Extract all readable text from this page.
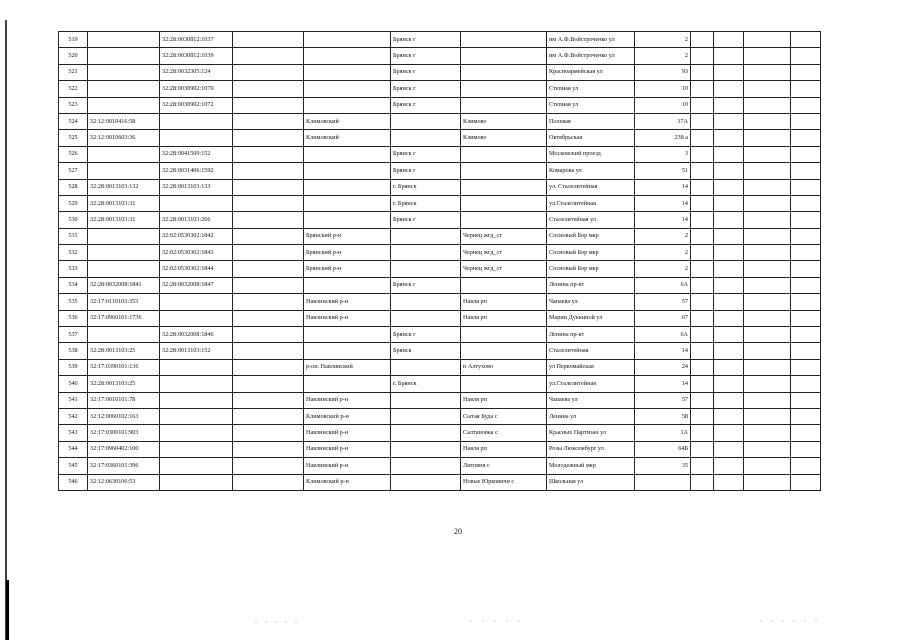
519		32:28:0030812:1037			Брянск г		им А.Ф.Войстроченко ул	2				
520		32:28:0030812:1039			Брянск г		им А.Ф.Войстроченко ул	2				
521		32:28:0032305:124			Брянск г		Красноармейская ул	93				
522		32:28:0030902:1070			Брянск г		Степная ул	10				
523		32:28:0030902:1072			Брянск г		Степная ул	10				
524	32:12:0010416:58			Климовский		Климово	Полевая	37А				
525	32:12:0010603:36			Климовский		Климово	Октябрьская	238 а				
526		32:28:0041509:152			Брянск г		Московский проезд	3				
527		32:28:0031406:1592			Брянск г		Комарова ул	51				
528	32:28:0013103:132	32:28:0013103:133			г. Брянск		ул. Сталелитейная	14				
529	32:28:0013103:31				г. Брянск		ул.Сталелитейная	14				
530	32:28:0013103:31	32:28:0013103:266			Брянск г		Сталелитейная ул	14				
531		32:02:0530302:1842		Брянский р-н		Чернец жгд_ст	Сосновый Бор мкр	2				
532		32:02:0530302:1843		Брянский р-н		Чернец жгд_ст	Сосновый Бор мкр	2				
533		32:02:0530302:1844		Брянский р-н		Чернец жгд_ст	Сосновый Бор мкр	2				
534	32:28:0032008:1841	32:28:0032008:1847			Брянск г		Ленина пр-кт	6А				
535	32:17:0110103:353			Навлинский р-н		Навля рп	Чапаева ул	57				
536	32:17:0960101:1736			Навлинский р-н		Навля рп	Марии Дуккиной ул	67				
537		32:28:0032008:1846			Брянск г		Ленина пр-кт	6А				
538	32:28:0013103:25	32:28:0013103:152			Брянск		Сталелитейная	14				
539	32:17:0390101:136			р-он. Навлинский		п Алтухово	ул Первомайская	24				
540	32:28:0013103:25				г. Брянск		ул.Сталелитейная	14				
541	32:17:0010101:78			Навлинский р-н		Навля рп	Чапаева ул	57				
542	32:12:0060102:163			Климовский р-н		Сытая Буда с	Ленина ул	58				
543	32:17:0300101:903			Навлинский р-н		Салтановка с	Красных Партизан ул	1А				
544	32:17:0960402:100			Навлинский р-н		Навля рп	Розы Люксембург ул	64Б				
545	32:17:0360101:396			Навлинский р-н		Литовня с	Молодежный мкр	35				
546	32:12:0630106:53			Климовский р-н		Новые Юрковичи с	Школьная ул					
20
